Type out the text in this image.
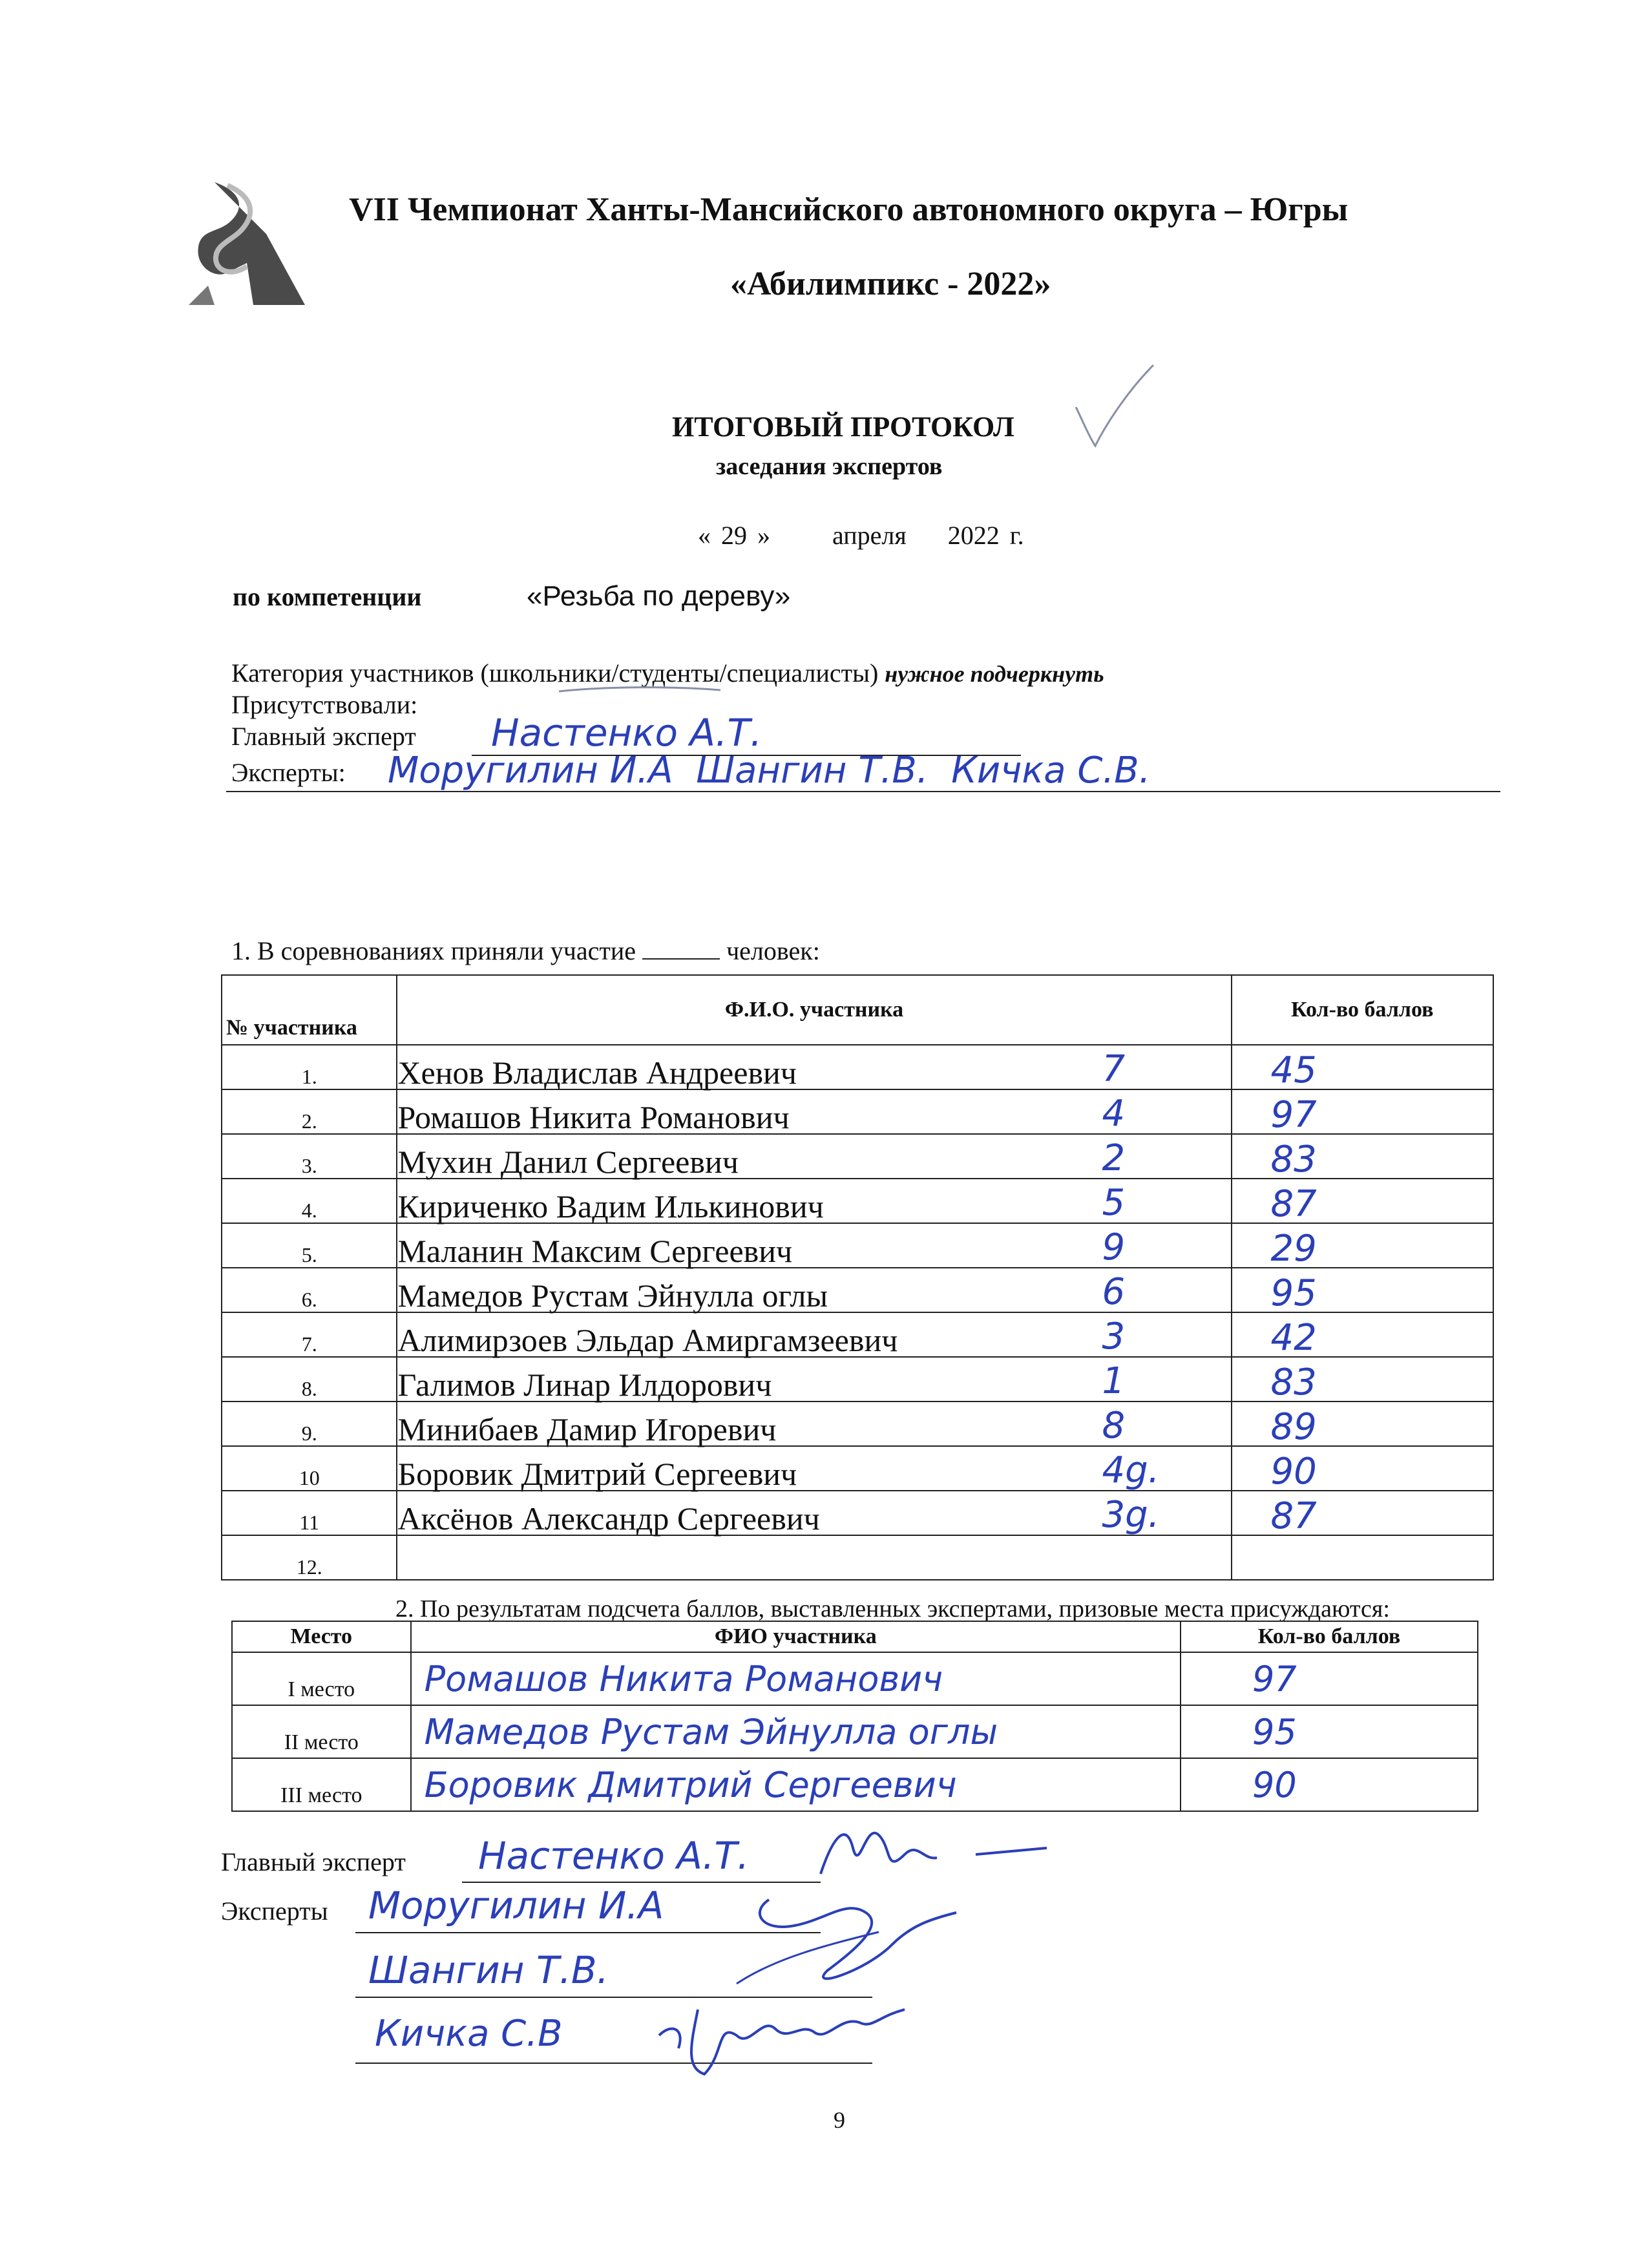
VII Чемпионат Ханты-Мансийского автономного округа – Югры
«Абилимпикс - 2022»
ИТОГОВЫЙ ПРОТОКОЛ
заседания экспертов
« 29 »      апреля    2022 г.
по компетенции	«Резьба по дереву»
Категория участников (школьники/студенты/специалисты) нужное подчеркнуть
Присутствовали:
Главный эксперт Настенко А.Т.
Эксперты: Моругилин И.А  Шангин Т.В.  Кичка С.В.
1. В соревнованиях приняли участие	человек:
№ участника	Ф.И.О. участника	Кол-во баллов
1.	Хенов Владислав Андреевич 7	45

2.	Ромашов Никита Романович 4	97

3.	Мухин Данил Сергеевич 2	83

4.	Кириченко Вадим Илькинович 5	87

5.	Маланин Максим Сергеевич 9	29

6.	Мамедов Рустам Эйнулла оглы 6	95

7.	Алимирзоев Эльдар Амиргамзеевич 3	42

8.	Галимов Линар Илдорович 1	83

9.	Минибаев Дамир Игоревич 8	89

10	Боровик Дмитрий Сергеевич 4g.	90

11	Аксёнов Александр Сергеевич 3g.	87

12.	

2. По результатам подсчета баллов, выставленных экспертами, призовые места присуждаются:
Место	ФИО участника	Кол-во баллов
I место	Ромашов Никита Романович	97
II место	Мамедов Рустам Эйнулла оглы	95
III место	Боровик Дмитрий Сергеевич	90
Главный эксперт Настенко А.Т.
Эксперты Моругилин И.А
Шангин Т.В.
Кичка С.В
9
